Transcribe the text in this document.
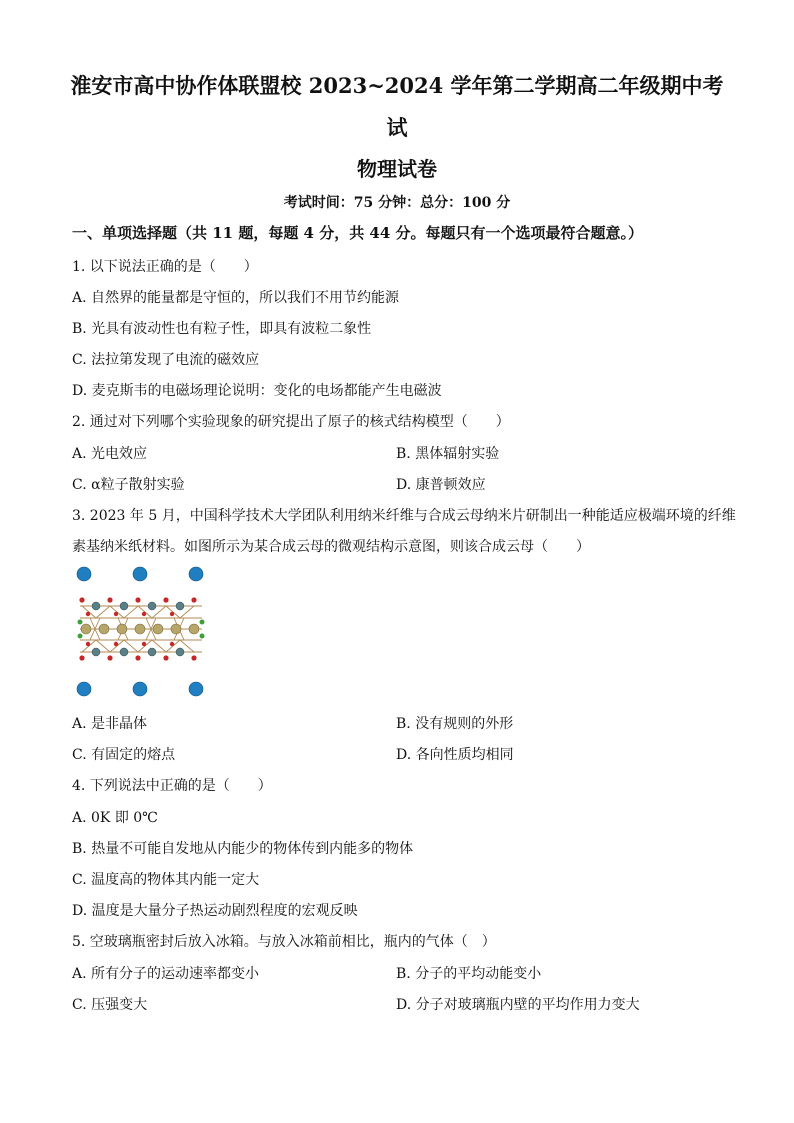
淮安市高中协作体联盟校 2023~2024 学年第二学期高二年级期中考
试
物理试卷
考试时间：75 分钟：总分：100 分
一、单项选择题（共 11 题，每题 4 分，共 44 分。每题只有一个选项最符合题意。）
1. 以下说法正确的是（　　）
A. 自然界的能量都是守恒的，所以我们不用节约能源
B. 光具有波动性也有粒子性，即具有波粒二象性
C. 法拉第发现了电流的磁效应
D. 麦克斯韦的电磁场理论说明：变化的电场都能产生电磁波
2. 通过对下列哪个实验现象的研究提出了原子的核式结构模型（　　）
A. 光电效应	B. 黑体辐射实验
C. α粒子散射实验	D. 康普顿效应
3. 2023 年 5 月，中国科学技术大学团队利用纳米纤维与合成云母纳米片研制出一种能适应极端环境的纤维
素基纳米纸材料。如图所示为某合成云母的微观结构示意图，则该合成云母（　　）
A. 是非晶体	B. 没有规则的外形
C. 有固定的熔点	D. 各向性质均相同
4. 下列说法中正确的是（　　）
A. 0K 即 0℃
B. 热量不可能自发地从内能少的物体传到内能多的物体
C. 温度高的物体其内能一定大
D. 温度是大量分子热运动剧烈程度的宏观反映
5. 空玻璃瓶密封后放入冰箱。与放入冰箱前相比，瓶内的气体（　）
A. 所有分子的运动速率都变小	B. 分子的平均动能变小
C. 压强变大	D. 分子对玻璃瓶内壁的平均作用力变大
